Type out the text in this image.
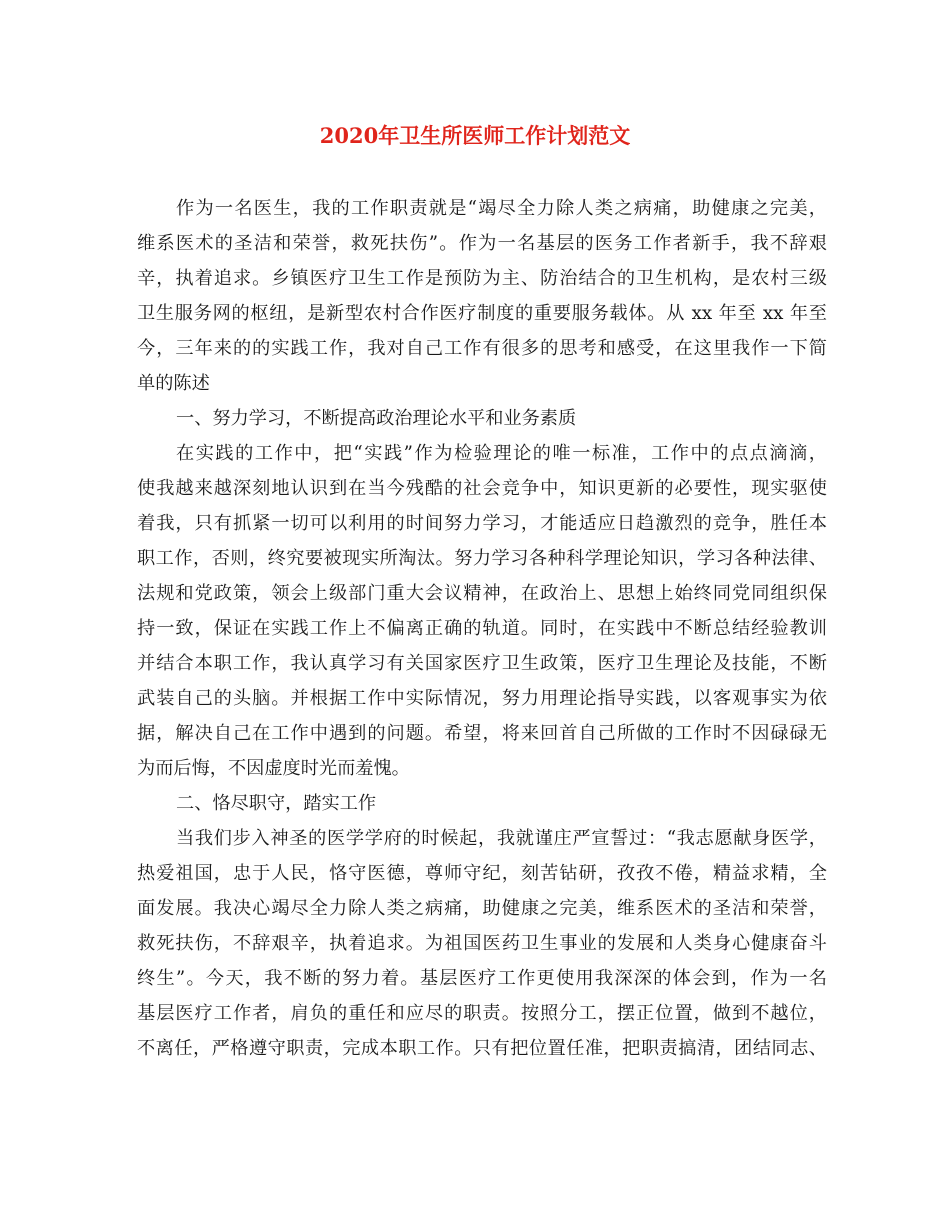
2020年卫生所医师工作计划范文
作为一名医生，我的工作职责就是“竭尽全力除人类之病痛，助健康之完美，
维系医术的圣洁和荣誉，救死扶伤”。作为一名基层的医务工作者新手，我不辞艰
辛，执着追求。乡镇医疗卫生工作是预防为主、防治结合的卫生机构，是农村三级
卫生服务网的枢纽，是新型农村合作医疗制度的重要服务载体。从 xx 年至 xx 年至
今，三年来的的实践工作，我对自己工作有很多的思考和感受，在这里我作一下简
单的陈述
一、努力学习，不断提高政治理论水平和业务素质
在实践的工作中，把“实践”作为检验理论的唯一标准，工作中的点点滴滴，
使我越来越深刻地认识到在当今残酷的社会竞争中，知识更新的必要性，现实驱使
着我，只有抓紧一切可以利用的时间努力学习，才能适应日趋激烈的竞争，胜任本
职工作，否则，终究要被现实所淘汰。努力学习各种科学理论知识，学习各种法律、
法规和党政策，领会上级部门重大会议精神，在政治上、思想上始终同党同组织保
持一致，保证在实践工作上不偏离正确的轨道。同时，在实践中不断总结经验教训
并结合本职工作，我认真学习有关国家医疗卫生政策，医疗卫生理论及技能，不断
武装自己的头脑。并根据工作中实际情况，努力用理论指导实践，以客观事实为依
据，解决自己在工作中遇到的问题。希望，将来回首自己所做的工作时不因碌碌无
为而后悔，不因虚度时光而羞愧。
二、恪尽职守，踏实工作
当我们步入神圣的医学学府的时候起，我就谨庄严宣誓过：“我志愿献身医学，
热爱祖国，忠于人民，恪守医德，尊师守纪，刻苦钻研，孜孜不倦，精益求精，全
面发展。我决心竭尽全力除人类之病痛，助健康之完美，维系医术的圣洁和荣誉，
救死扶伤，不辞艰辛，执着追求。为祖国医药卫生事业的发展和人类身心健康奋斗
终生”。今天，我不断的努力着。基层医疗工作更使用我深深的体会到，作为一名
基层医疗工作者，肩负的重任和应尽的职责。按照分工，摆正位置，做到不越位，
不离任，严格遵守职责，完成本职工作。只有把位置任准，把职责搞清，团结同志、
